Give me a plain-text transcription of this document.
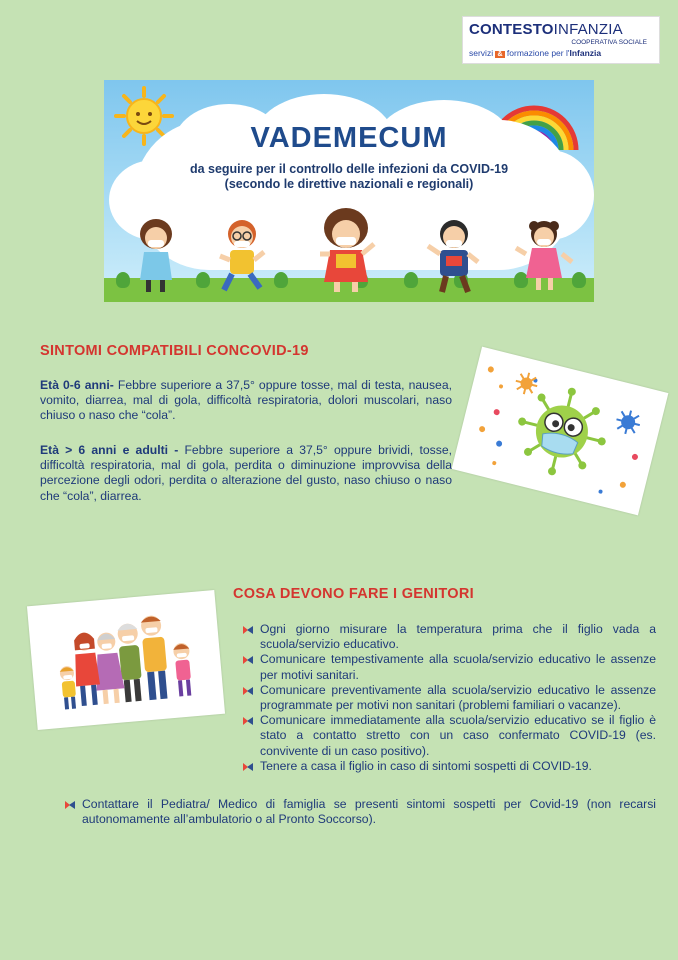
CONTESTOINFANZIA
COOPERATIVA SOCIALE
servizi & formazione per l'Infanzia
VADEMECUM
da seguire per il controllo delle infezioni da COVID-19
(secondo le direttive nazionali e regionali)
SINTOMI COMPATIBILI CONCOVID-19

Età 0-6 anni- Febbre superiore a 37,5° oppure tosse, mal di testa, nausea, vomito, diarrea, mal di gola, difficoltà respiratoria, dolori muscolari, naso chiuso o naso che “cola”.

Età > 6 anni e adulti - Febbre superiore a 37,5° oppure brividi, tosse, difficoltà respiratoria, mal di gola, perdita o diminuzione improvvisa della percezione degli odori, perdita o alterazione del gusto, naso chiuso o naso che “cola”, diarrea.

COSA DEVONO FARE I GENITORI
Ogni giorno misurare la temperatura prima che il figlio vada a scuola/servizio educativo.
Comunicare tempestivamente alla scuola/servizio educativo le assenze per motivi sanitari.
Comunicare preventivamente alla scuola/servizio educativo le assenze programmate per motivi non sanitari (problemi familiari o vacanze).
Comunicare immediatamente alla scuola/servizio educativo se il figlio è stato a contatto stretto con un caso confermato COVID-19 (es. convivente di un caso positivo).
Tenere a casa il figlio in caso di sintomi sospetti di COVID-19.
Contattare il Pediatra/ Medico di famiglia se presenti sintomi sospetti per Covid-19 (non recarsi autonomamente all’ambulatorio o al Pronto Soccorso).
